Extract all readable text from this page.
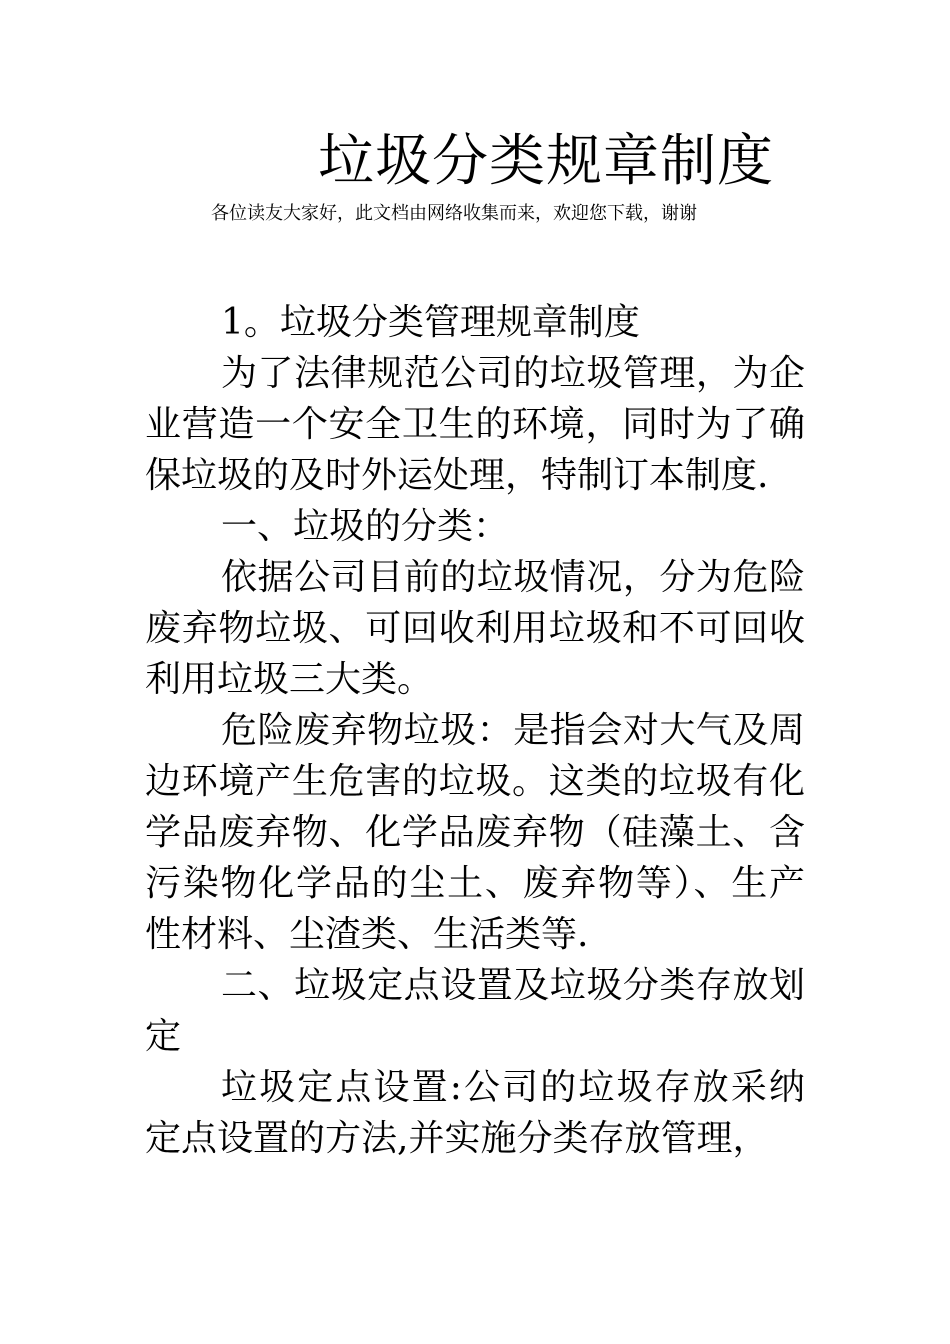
垃圾分类规章制度
各位读友大家好，此文档由网络收集而来，欢迎您下载，谢谢

1。垃圾分类管理规章制度

为了法律规范公司的垃圾管理，为企业营造一个安全卫生的环境，同时为了确保垃圾的及时外运处理，特制订本制度.

一、垃圾的分类：

依据公司目前的垃圾情况，分为危险废弃物垃圾、可回收利用垃圾和不可回收利用垃圾三大类。

危险废弃物垃圾：是指会对大气及周边环境产生危害的垃圾。这类的垃圾有化学品废弃物、化学品废弃物（硅藻土、含污染物化学品的尘土、废弃物等）、生产性材料、尘渣类、生活类等.

二、垃圾定点设置及垃圾分类存放划定

垃圾定点设置:公司的垃圾存放采纳定点设置的方法,并实施分类存放管理，
